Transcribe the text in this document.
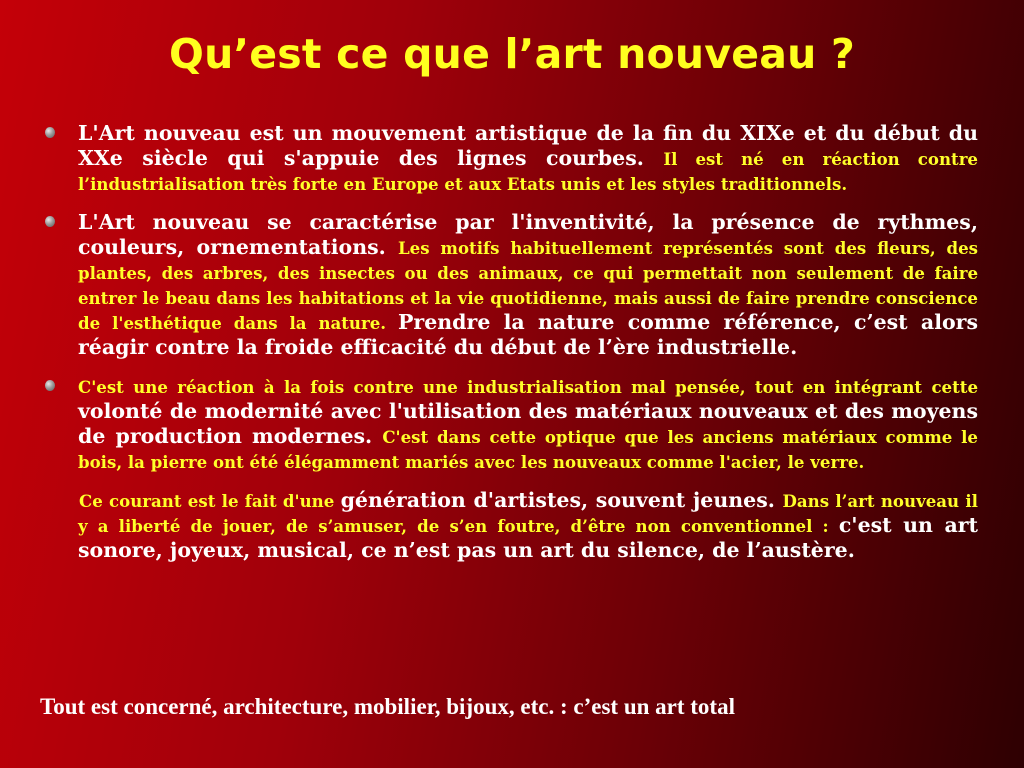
Qu’est ce que l’art nouveau ?
L'Art nouveau est un mouvement artistique de la fin du XIXe et du début du XXe siècle qui s'appuie des lignes courbes. Il est né en réaction contre l’industrialisation très forte en Europe et aux Etats unis et les styles traditionnels.
L'Art nouveau se caractérise par l'inventivité, la présence de rythmes, couleurs, ornementations. Les motifs habituellement représentés sont des fleurs, des plantes, des arbres, des insectes ou des animaux, ce qui permettait non seulement de faire entrer le beau dans les habitations et la vie quotidienne, mais aussi de faire prendre conscience de l'esthétique dans la nature. Prendre la nature comme référence, c’est alors réagir contre la froide efficacité du début de l’ère industrielle.
C'est une réaction à la fois contre une industrialisation mal pensée, tout en intégrant cette volonté de modernité avec l'utilisation des matériaux nouveaux et des moyens de production modernes. C'est dans cette optique que les anciens matériaux comme le bois, la pierre ont été élégamment mariés avec les nouveaux comme l'acier, le verre.
Ce courant est le fait d'une génération d'artistes, souvent jeunes. Dans l’art nouveau il y a liberté de jouer, de s’amuser, de s’en foutre, d’être non conventionnel : c'est un art sonore, joyeux, musical, ce n’est pas un art du silence, de l’austère.
Tout est concerné, architecture, mobilier, bijoux, etc. : c’est un art total
